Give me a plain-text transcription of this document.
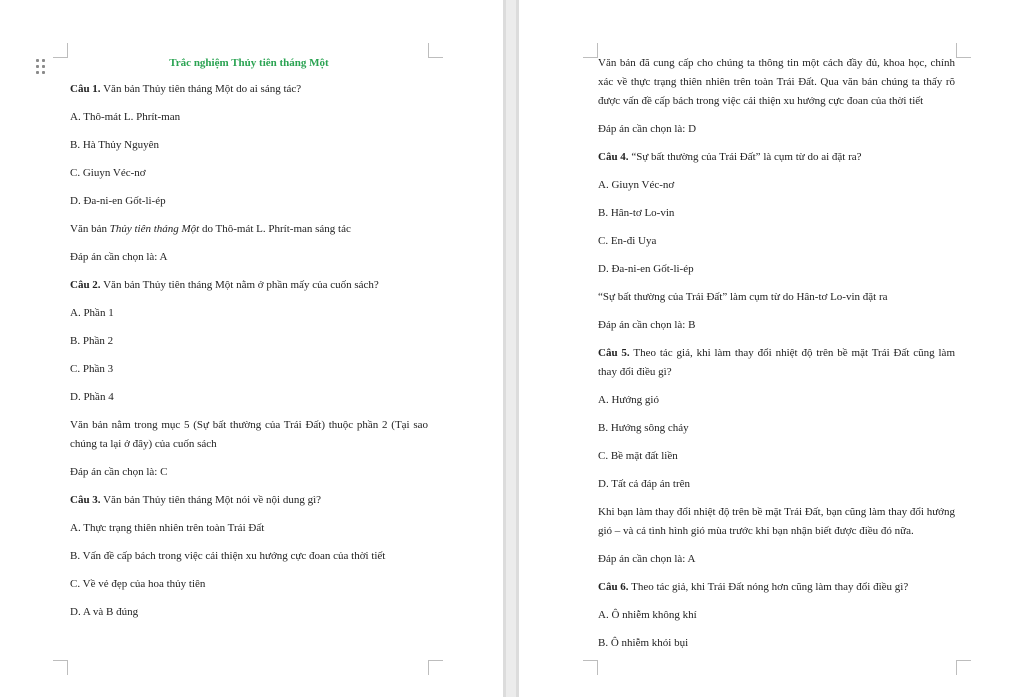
Trắc nghiệm Thủy tiên tháng Một

Câu 1. Văn bản Thủy tiên tháng Một do ai sáng tác?

A. Thô-mát L. Phrít-man

B. Hà Thủy Nguyên

C. Giuyn Véc-nơ

D. Đa-ni-en Gốt-li-ép

Văn bản Thủy tiên tháng Một do Thô-mát L. Phrít-man sáng tác

Đáp án cần chọn là: A

Câu 2. Văn bản Thủy tiên tháng Một nằm ở phần mấy của cuốn sách?

A. Phần 1

B. Phần 2

C. Phần 3

D. Phần 4

Văn bản nằm trong mục 5 (Sự bất thường của Trái Đất) thuộc phần 2 (Tại sao chúng ta lại ở đây) của cuốn sách

Đáp án cần chọn là: C

Câu 3. Văn bản Thủy tiên tháng Một nói về nội dung gì?

A. Thực trạng thiên nhiên trên toàn Trái Đất

B. Vấn đề cấp bách trong việc cải thiện xu hướng cực đoan của thời tiết

C. Về vẻ đẹp của hoa thủy tiên

D. A và B đúng

Văn bản đã cung cấp cho chúng ta thông tin một cách đầy đủ, khoa học, chính xác về thực trạng thiên nhiên trên toàn Trái Đất. Qua văn bản chúng ta thấy rõ được vấn đề cấp bách trong việc cải thiện xu hướng cực đoan của thời tiết

Đáp án cần chọn là: D

Câu 4. “Sự bất thường của Trái Đất” là cụm từ do ai đặt ra?

A. Giuyn Véc-nơ

B. Hân-tơ Lo-vin

C. En-đi Uya

D. Đa-ni-en Gốt-li-ép

“Sự bất thường của Trái Đất” làm cụm từ do Hân-tơ Lo-vin đặt ra

Đáp án cần chọn là: B

Câu 5. Theo tác giả, khi làm thay đổi nhiệt độ trên bề mặt Trái Đất cũng làm thay đổi điều gì?

A. Hướng gió

B. Hướng sông chảy

C. Bề mặt đất liền

D. Tất cả đáp án trên

Khi bạn làm thay đổi nhiệt độ trên bề mặt Trái Đất, bạn cũng làm thay đổi hướng gió – và cả tình hình gió mùa trước khi bạn nhận biết được điều đó nữa.

Đáp án cần chọn là: A

Câu 6. Theo tác giả, khi Trái Đất nóng hơn cũng làm thay đổi điều gì?

A. Ô nhiễm không khí

B. Ô nhiễm khói bụi
